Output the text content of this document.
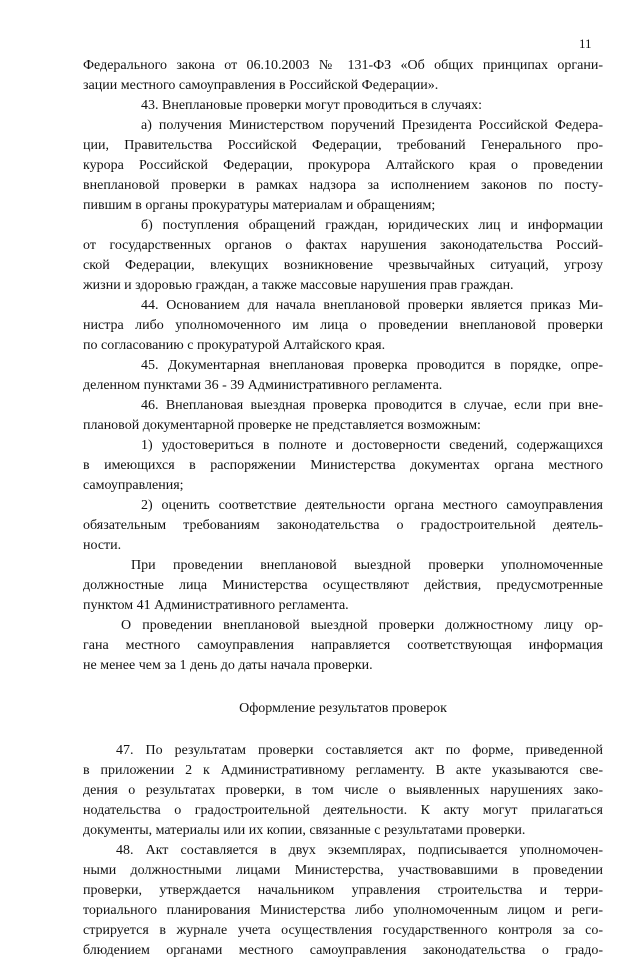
11
Федерального закона от 06.10.2003 № 131-ФЗ «Об общих принципах органи-
зации местного самоуправления в Российской Федерации».
43. Внеплановые проверки могут проводиться в случаях:
а) получения Министерством поручений Президента Российской Федера-
ции, Правительства Российской Федерации, требований Генерального про-
курора Российской Федерации, прокурора Алтайского края о проведении
внеплановой проверки в рамках надзора за исполнением законов по посту-
пившим в органы прокуратуры материалам и обращениям;
б) поступления обращений граждан, юридических лиц и информации
от государственных органов о фактах нарушения законодательства Россий-
ской Федерации, влекущих возникновение чрезвычайных ситуаций, угрозу
жизни и здоровью граждан, а также массовые нарушения прав граждан.
44. Основанием для начала внеплановой проверки является приказ Ми-
нистра либо уполномоченного им лица о проведении внеплановой проверки
по согласованию с прокуратурой Алтайского края.
45. Документарная внеплановая проверка проводится в порядке, опре-
деленном пунктами 36 - 39 Административного регламента.
46. Внеплановая выездная проверка проводится в случае, если при вне-
плановой документарной проверке не представляется возможным:
1) удостовериться в полноте и достоверности сведений, содержащихся
в имеющихся в распоряжении Министерства документах органа местного
самоуправления;
2) оценить соответствие деятельности органа местного самоуправления
обязательным требованиям законодательства о градостроительной деятель-
ности.
При проведении внеплановой выездной проверки уполномоченные
должностные лица Министерства осуществляют действия, предусмотренные
пунктом 41 Административного регламента.
О проведении внеплановой выездной проверки должностному лицу ор-
гана местного самоуправления направляется соответствующая информация
не менее чем за 1 день до даты начала проверки.
Оформление результатов проверок
47. По результатам проверки составляется акт по форме, приведенной
в приложении 2 к Административному регламенту. В акте указываются све-
дения о результатах проверки, в том числе о выявленных нарушениях зако-
нодательства о градостроительной деятельности. К акту могут прилагаться
документы, материалы или их копии, связанные с результатами проверки.
48. Акт составляется в двух экземплярах, подписывается уполномочен-
ными должностными лицами Министерства, участвовавшими в проведении
проверки, утверждается начальником управления строительства и терри-
ториального планирования Министерства либо уполномоченным лицом и реги-
стрируется в журнале учета осуществления государственного контроля за со-
блюдением органами местного самоуправления законодательства о градо-
